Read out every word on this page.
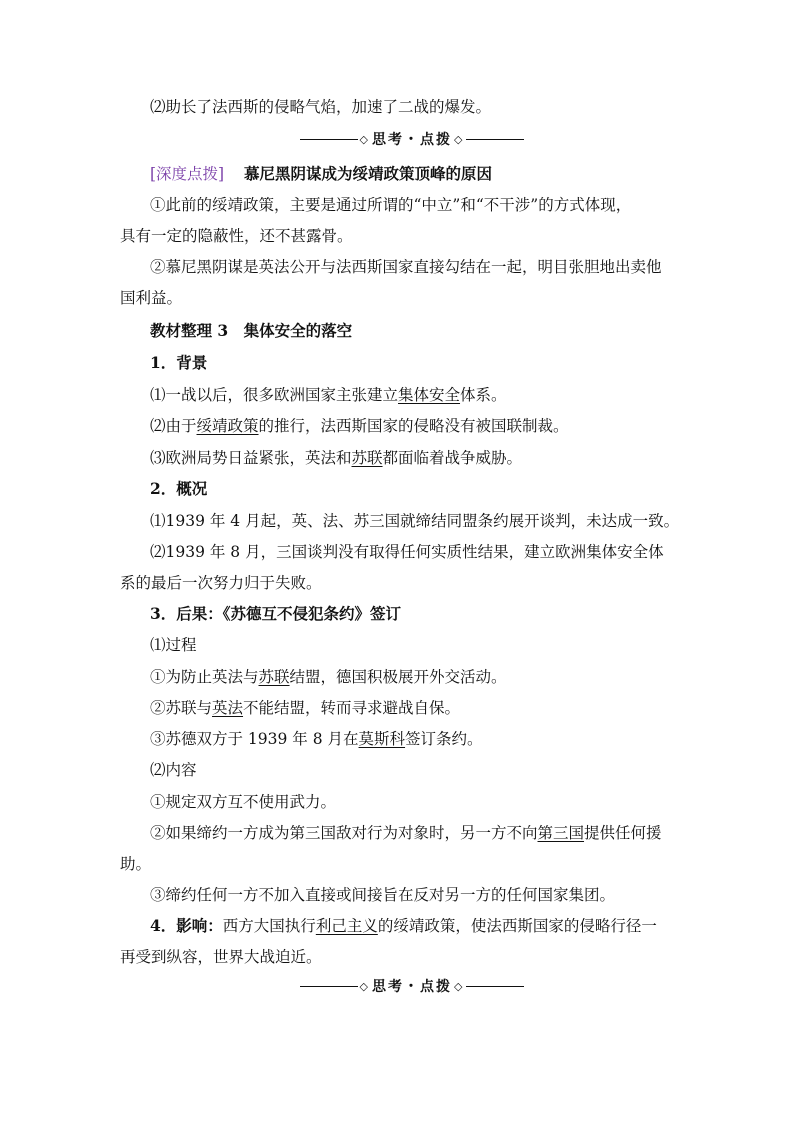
⑵助长了法西斯的侵略气焰，加速了二战的爆发。
◇ 思考・点拨 ◇
[深度点拨] 慕尼黑阴谋成为绥靖政策顶峰的原因
①此前的绥靖政策，主要是通过所谓的“中立”和“不干涉”的方式体现，
具有一定的隐蔽性，还不甚露骨。
②慕尼黑阴谋是英法公开与法西斯国家直接勾结在一起，明目张胆地出卖他
国利益。
教材整理 3　集体安全的落空
1．背景
⑴一战以后，很多欧洲国家主张建立集体安全体系。
⑵由于绥靖政策的推行，法西斯国家的侵略没有被国联制裁。
⑶欧洲局势日益紧张，英法和苏联都面临着战争威胁。
2．概况
⑴1939 年 4 月起，英、法、苏三国就缔结同盟条约展开谈判，未达成一致。
⑵1939 年 8 月，三国谈判没有取得任何实质性结果，建立欧洲集体安全体
系的最后一次努力归于失败。
3．后果：《苏德互不侵犯条约》签订
⑴过程
①为防止英法与苏联结盟，德国积极展开外交活动。
②苏联与英法不能结盟，转而寻求避战自保。
③苏德双方于 1939 年 8 月在莫斯科签订条约。
⑵内容
①规定双方互不使用武力。
②如果缔约一方成为第三国敌对行为对象时，另一方不向第三国提供任何援
助。
③缔约任何一方不加入直接或间接旨在反对另一方的任何国家集团。
4．影响：西方大国执行利己主义的绥靖政策，使法西斯国家的侵略行径一
再受到纵容，世界大战迫近。
◇ 思考・点拨 ◇
